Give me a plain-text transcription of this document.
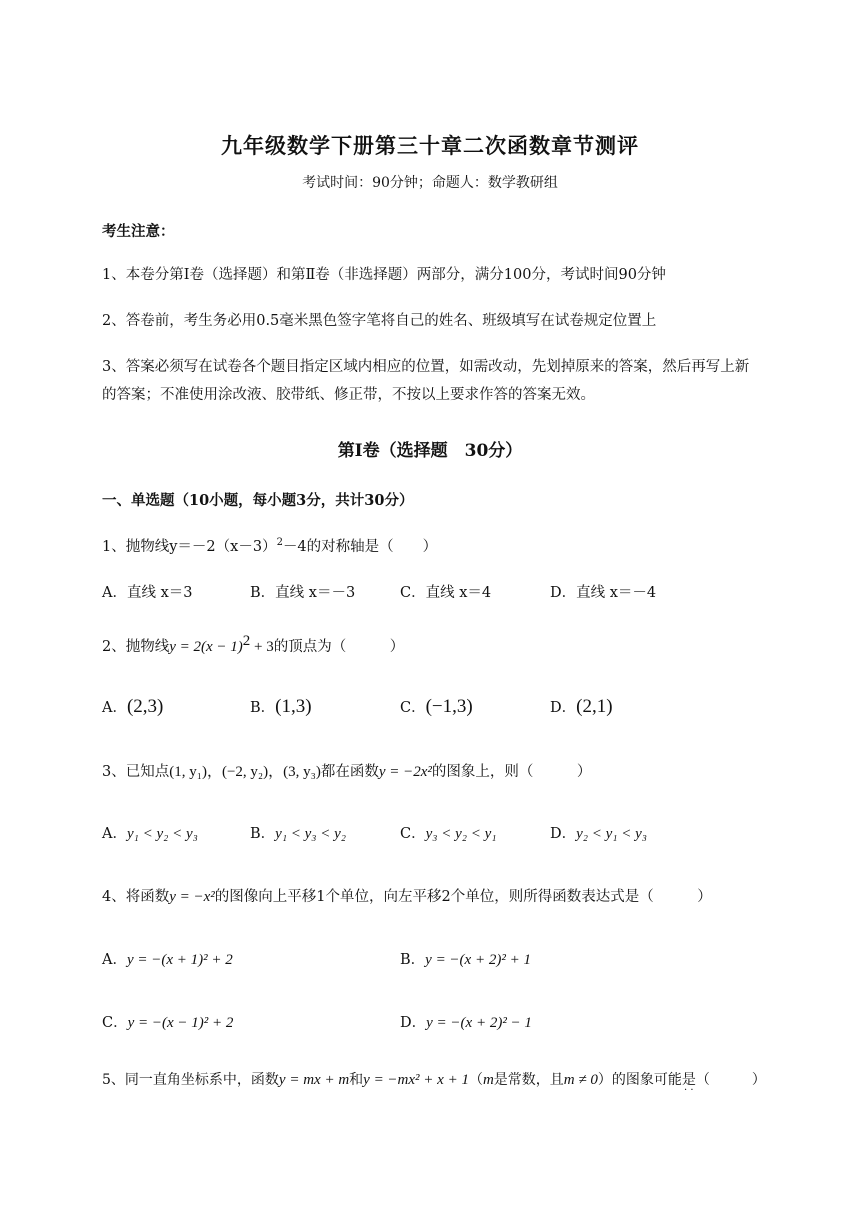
九年级数学下册第三十章二次函数章节测评
考试时间：90分钟；命题人：数学教研组
考生注意：
1、本卷分第Ⅰ卷（选择题）和第Ⅱ卷（非选择题）两部分，满分100分，考试时间90分钟
2、答卷前，考生务必用0.5毫米黑色签字笔将自己的姓名、班级填写在试卷规定位置上
3、答案必须写在试卷各个题目指定区域内相应的位置，如需改动，先划掉原来的答案，然后再写上新
的答案；不准使用涂改液、胶带纸、修正带，不按以上要求作答的答案无效。
第Ⅰ卷（选择题　30分）
一、单选题（10小题，每小题3分，共计30分）
1、抛物线$y=-2(x-3)^2-4$的对称轴是（　　）
A．直线 x＝3	B．直线 x＝－3	C．直线 x＝4	D．直线 x＝－4
2、抛物线$y = 2(x - 1)^2 + 3$的顶点为（　　　）
A．(2,3)	B．(1,3)	C．(−1,3)	D．(2,1)
3、已知点(1, y₁)，(−2, y₂)，(3, y₃)都在函数y = −2x²的图象上，则（　　　）
A．y₁ < y₂ < y₃	B．y₁ < y₃ < y₂	C．y₃ < y₂ < y₁	D．y₂ < y₁ < y₃
4、将函数y = −x²的图像向上平移1个单位，向左平移2个单位，则所得函数表达式是（　　　）
A．y = −(x + 1)² + 2	B．y = −(x + 2)² + 1
C．y = −(x − 1)² + 2	D．y = −(x + 2)² − 1
5、同一直角坐标系中，函数y = mx + m和y = −mx² + x + 1（m是常数，且m ≠ 0）的图象可能是（　　　）
· ·
